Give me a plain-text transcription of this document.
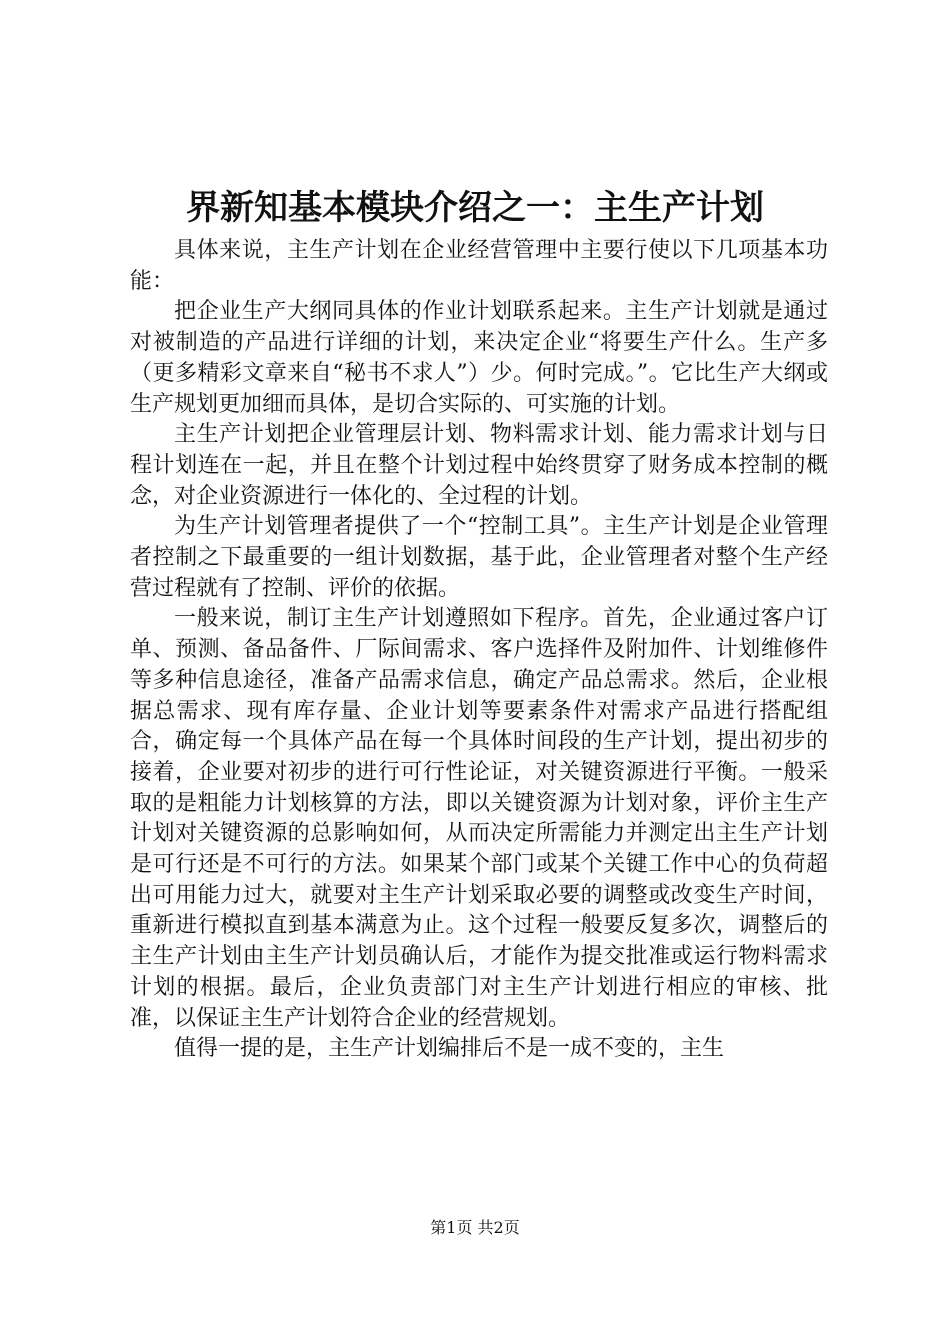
界新知基本模块介绍之一：主生产计划

具体来说，主生产计划在企业经营管理中主要行使以下几项基本功能：

把企业生产大纲同具体的作业计划联系起来。主生产计划就是通过对被制造的产品进行详细的计划，来决定企业“将要生产什么。生产多（更多精彩文章来自“秘书不求人”）少。何时完成。”。它比生产大纲或生产规划更加细而具体，是切合实际的、可实施的计划。

主生产计划把企业管理层计划、物料需求计划、能力需求计划与日程计划连在一起，并且在整个计划过程中始终贯穿了财务成本控制的概念，对企业资源进行一体化的、全过程的计划。

为生产计划管理者提供了一个“控制工具”。主生产计划是企业管理者控制之下最重要的一组计划数据，基于此，企业管理者对整个生产经营过程就有了控制、评价的依据。

一般来说，制订主生产计划遵照如下程序。首先，企业通过客户订单、预测、备品备件、厂际间需求、客户选择件及附加件、计划维修件等多种信息途径，准备产品需求信息，确定产品总需求。然后，企业根据总需求、现有库存量、企业计划等要素条件对需求产品进行搭配组合，确定每一个具体产品在每一个具体时间段的生产计划，提出初步的接着，企业要对初步的进行可行性论证，对关键资源进行平衡。一般采取的是粗能力计划核算的方法，即以关键资源为计划对象，评价主生产计划对关键资源的总影响如何，从而决定所需能力并测定出主生产计划是可行还是不可行的方法。如果某个部门或某个关键工作中心的负荷超出可用能力过大，就要对主生产计划采取必要的调整或改变生产时间，重新进行模拟直到基本满意为止。这个过程一般要反复多次，调整后的主生产计划由主生产计划员确认后，才能作为提交批准或运行物料需求计划的根据。最后，企业负责部门对主生产计划进行相应的审核、批准，以保证主生产计划符合企业的经营规划。

值得一提的是，主生产计划编排后不是一成不变的，主生

第1页 共2页
